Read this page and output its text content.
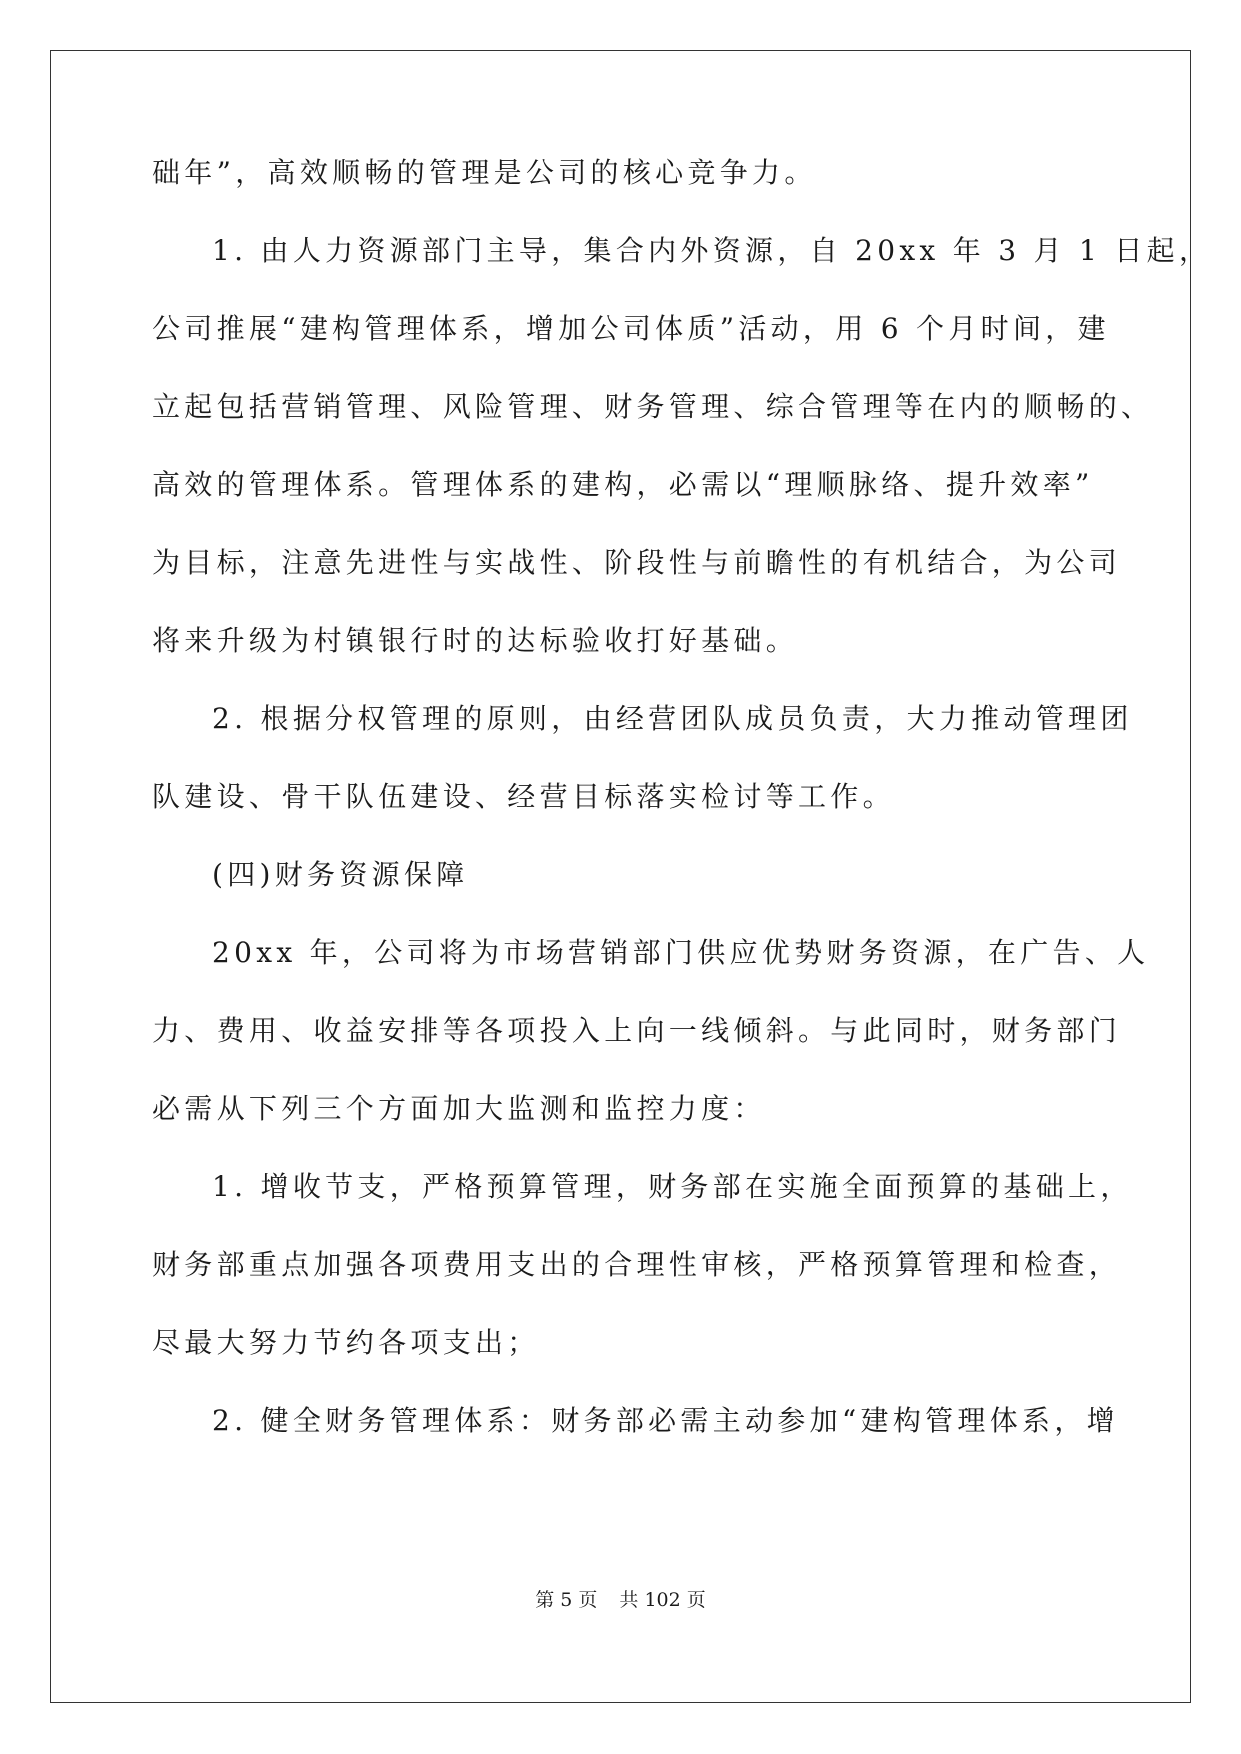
础年”，高效顺畅的管理是公司的核心竞争力。
1. 由人力资源部门主导，集合内外资源，自 20xx 年 3 月 1 日起，
公司推展“建构管理体系，增加公司体质”活动，用 6 个月时间，建
立起包括营销管理、风险管理、财务管理、综合管理等在内的顺畅的、
高效的管理体系。管理体系的建构，必需以“理顺脉络、提升效率”
为目标，注意先进性与实战性、阶段性与前瞻性的有机结合，为公司
将来升级为村镇银行时的达标验收打好基础。
2. 根据分权管理的原则，由经营团队成员负责，大力推动管理团
队建设、骨干队伍建设、经营目标落实检讨等工作。
(四)财务资源保障
20xx 年，公司将为市场营销部门供应优势财务资源，在广告、人
力、费用、收益安排等各项投入上向一线倾斜。与此同时，财务部门
必需从下列三个方面加大监测和监控力度：
1. 增收节支，严格预算管理，财务部在实施全面预算的基础上，
财务部重点加强各项费用支出的合理性审核，严格预算管理和检查，
尽最大努力节约各项支出；
2. 健全财务管理体系：财务部必需主动参加“建构管理体系，增
第 5 页 共 102 页
